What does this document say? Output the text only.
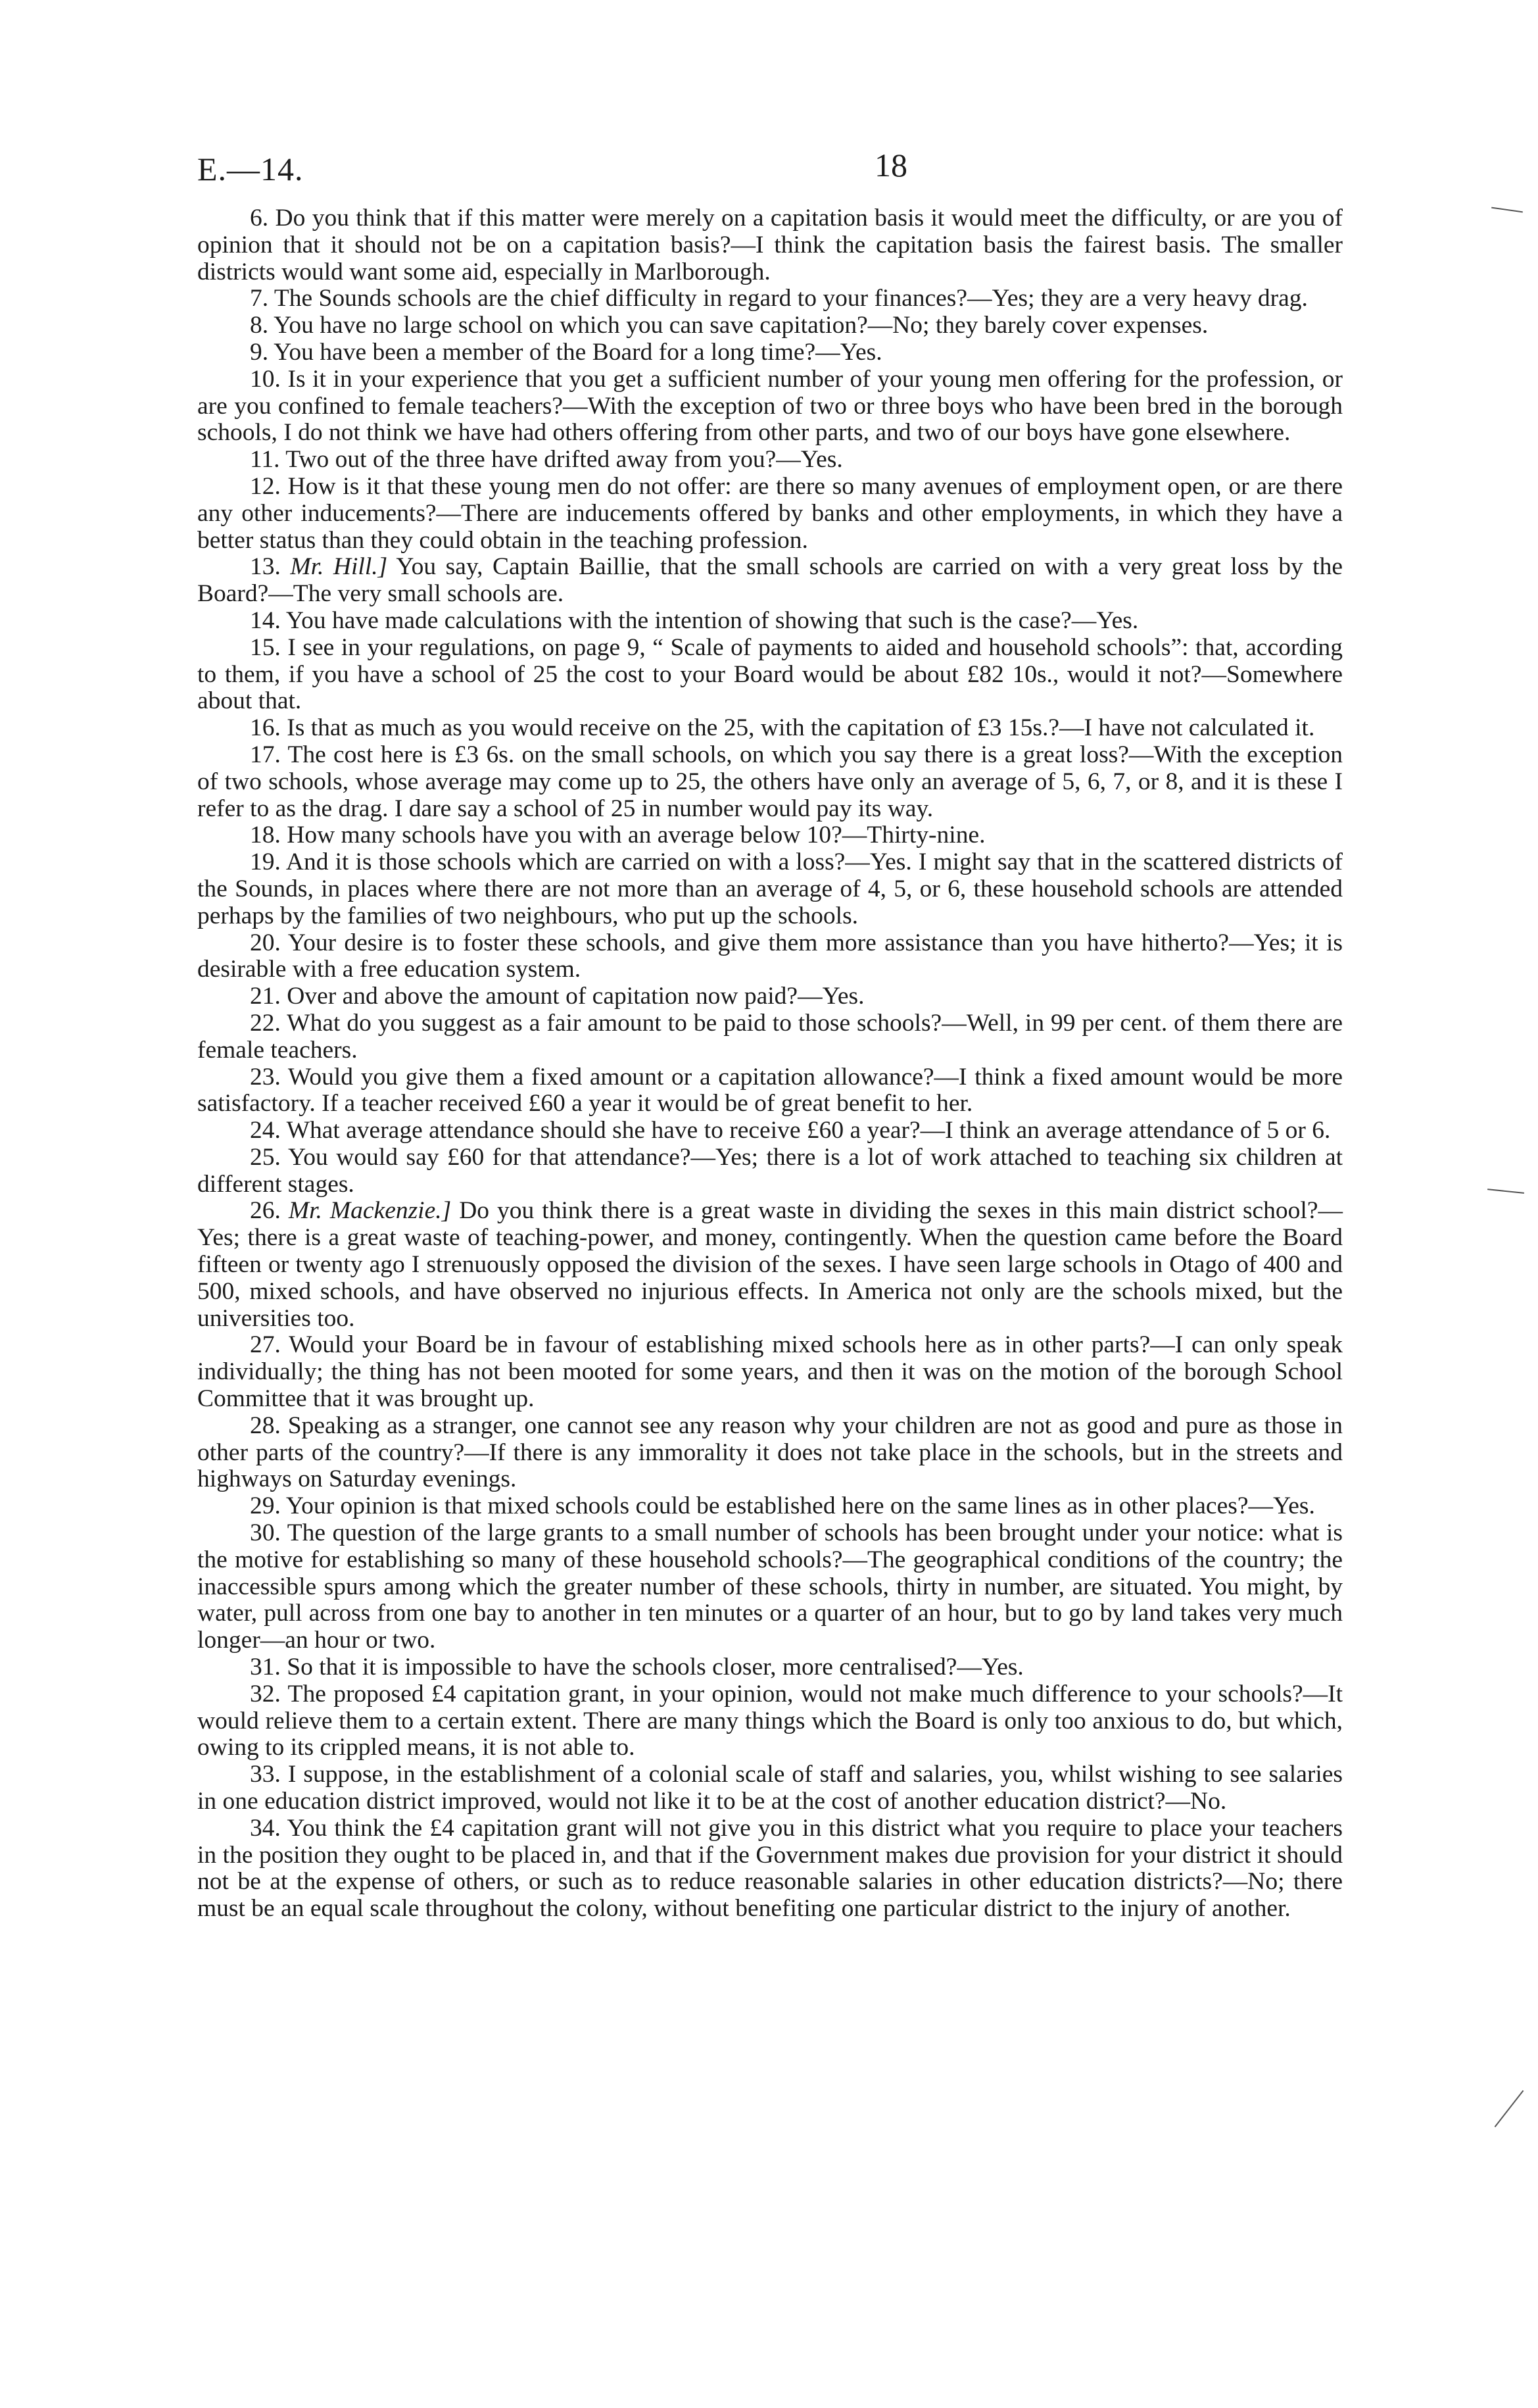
E.—14.	18

6. Do you think that if this matter were merely on a capitation basis it would meet the difficulty, or are you of opinion that it should not be on a capitation basis?—I think the capitation basis the fairest basis. The smaller districts would want some aid, especially in Marlborough.

7. The Sounds schools are the chief difficulty in regard to your finances?—Yes; they are a very heavy drag.

8. You have no large school on which you can save capitation?—No; they barely cover expenses.

9. You have been a member of the Board for a long time?—Yes.

10. Is it in your experience that you get a sufficient number of your young men offering for the profession, or are you confined to female teachers?—With the exception of two or three boys who have been bred in the borough schools, I do not think we have had others offering from other parts, and two of our boys have gone elsewhere.

11. Two out of the three have drifted away from you?—Yes.

12. How is it that these young men do not offer: are there so many avenues of employment open, or are there any other inducements?—There are inducements offered by banks and other employments, in which they have a better status than they could obtain in the teaching profession.

13. Mr. Hill.] You say, Captain Baillie, that the small schools are carried on with a very great loss by the Board?—The very small schools are.

14. You have made calculations with the intention of showing that such is the case?—Yes.

15. I see in your regulations, on page 9, “ Scale of payments to aided and household schools”: that, according to them, if you have a school of 25 the cost to your Board would be about £82 10s., would it not?—Somewhere about that.

16. Is that as much as you would receive on the 25, with the capitation of £3 15s.?—I have not calculated it.

17. The cost here is £3 6s. on the small schools, on which you say there is a great loss?—With the exception of two schools, whose average may come up to 25, the others have only an average of 5, 6, 7, or 8, and it is these I refer to as the drag. I dare say a school of 25 in number would pay its way.

18. How many schools have you with an average below 10?—Thirty-nine.

19. And it is those schools which are carried on with a loss?—Yes. I might say that in the scattered districts of the Sounds, in places where there are not more than an average of 4, 5, or 6, these household schools are attended perhaps by the families of two neighbours, who put up the schools.

20. Your desire is to foster these schools, and give them more assistance than you have hitherto?—Yes; it is desirable with a free education system.

21. Over and above the amount of capitation now paid?—Yes.

22. What do you suggest as a fair amount to be paid to those schools?—Well, in 99 per cent. of them there are female teachers.

23. Would you give them a fixed amount or a capitation allowance?—I think a fixed amount would be more satisfactory. If a teacher received £60 a year it would be of great benefit to her.

24. What average attendance should she have to receive £60 a year?—I think an average attendance of 5 or 6.

25. You would say £60 for that attendance?—Yes; there is a lot of work attached to teaching six children at different stages.

26. Mr. Mackenzie.] Do you think there is a great waste in dividing the sexes in this main district school?—Yes; there is a great waste of teaching-power, and money, contingently. When the question came before the Board fifteen or twenty ago I strenuously opposed the division of the sexes. I have seen large schools in Otago of 400 and 500, mixed schools, and have observed no injurious effects. In America not only are the schools mixed, but the universities too.

27. Would your Board be in favour of establishing mixed schools here as in other parts?—I can only speak individually; the thing has not been mooted for some years, and then it was on the motion of the borough School Committee that it was brought up.

28. Speaking as a stranger, one cannot see any reason why your children are not as good and pure as those in other parts of the country?—If there is any immorality it does not take place in the schools, but in the streets and highways on Saturday evenings.

29. Your opinion is that mixed schools could be established here on the same lines as in other places?—Yes.

30. The question of the large grants to a small number of schools has been brought under your notice: what is the motive for establishing so many of these household schools?—The geographical conditions of the country; the inaccessible spurs among which the greater number of these schools, thirty in number, are situated. You might, by water, pull across from one bay to another in ten minutes or a quarter of an hour, but to go by land takes very much longer—an hour or two.

31. So that it is impossible to have the schools closer, more centralised?—Yes.

32. The proposed £4 capitation grant, in your opinion, would not make much difference to your schools?—It would relieve them to a certain extent. There are many things which the Board is only too anxious to do, but which, owing to its crippled means, it is not able to.

33. I suppose, in the establishment of a colonial scale of staff and salaries, you, whilst wishing to see salaries in one education district improved, would not like it to be at the cost of another education district?—No.

34. You think the £4 capitation grant will not give you in this district what you require to place your teachers in the position they ought to be placed in, and that if the Government makes due provision for your district it should not be at the expense of others, or such as to reduce reasonable salaries in other education districts?—No; there must be an equal scale throughout the colony, without benefiting one particular district to the injury of another.
